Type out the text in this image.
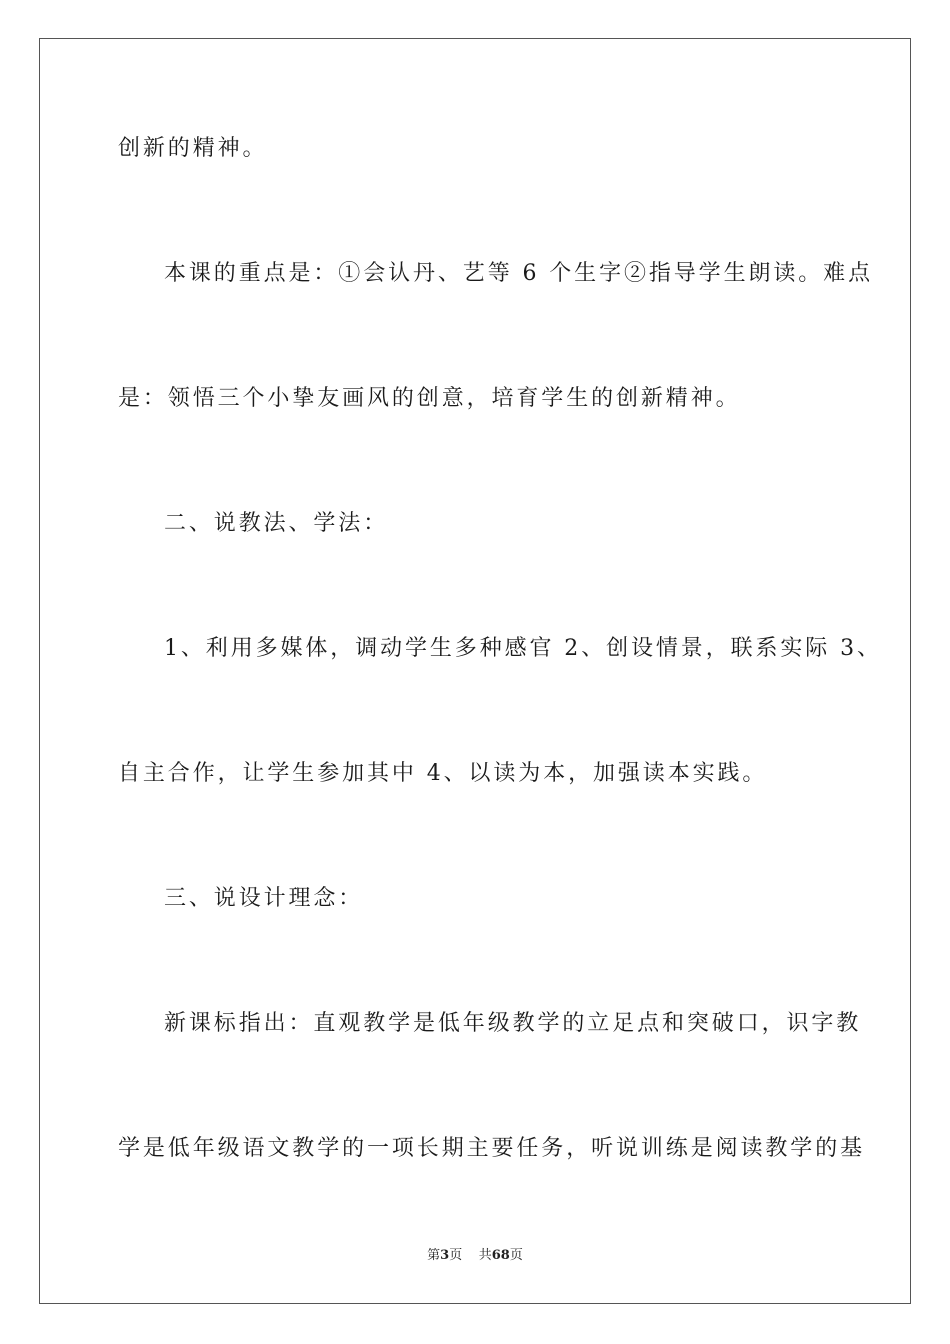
创新的精神。
本课的重点是：①会认丹、艺等 6 个生字②指导学生朗读。难点
是：领悟三个小挚友画风的创意，培育学生的创新精神。
二、说教法、学法：
1、利用多媒体，调动学生多种感官 2、创设情景，联系实际 3、
自主合作，让学生参加其中 4、以读为本，加强读本实践。
三、说设计理念：
新课标指出：直观教学是低年级教学的立足点和突破口，识字教
学是低年级语文教学的一项长期主要任务，听说训练是阅读教学的基
第3页 共68页
